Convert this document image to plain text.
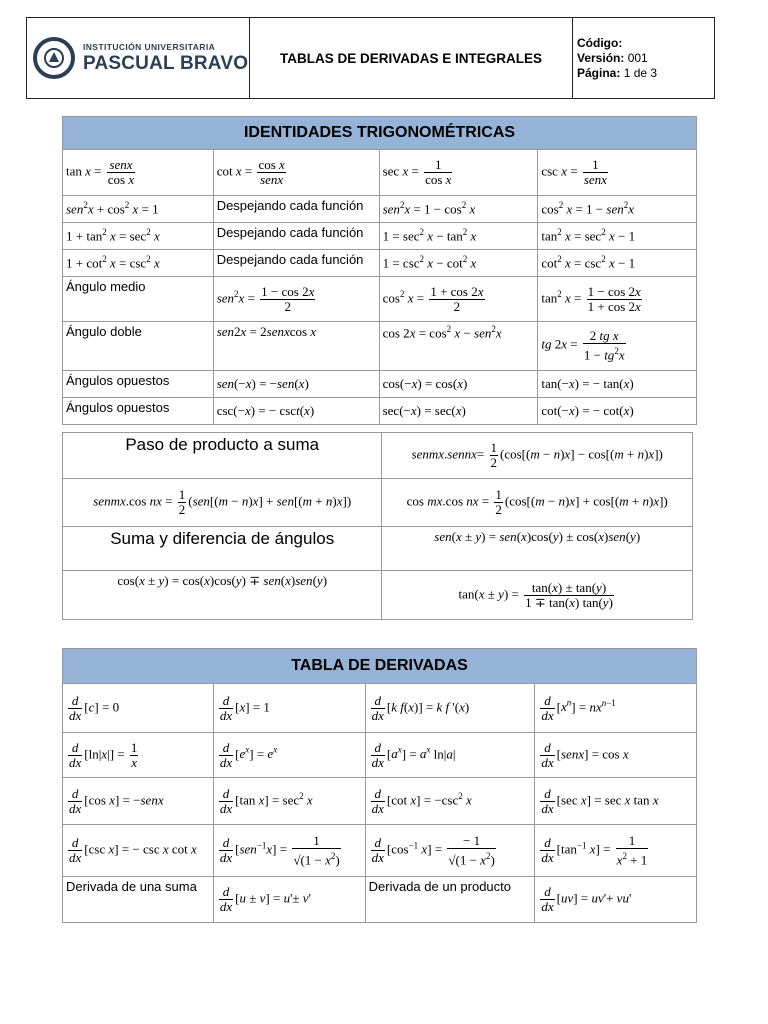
INSTITUCIÓN UNIVERSITARIA
PASCUAL BRAVO	TABLAS DE DERIVADAS E INTEGRALES
Código:
Versión: 001
Página: 1 de 3
IDENTIDADES TRIGONOMÉTRICAS			
$\tan x = \frac{\text{senx}}{\text{cos x}}$	$\cot x = \frac{\text{cos x}}{\text{senx}}$	$\sec x = \frac{1}{\text{cos x}}$	$\csc x = \frac{1}{\text{senx}}$

$sen^2x + \cos^2 x = 1$	Despejando cada función	$sen^2x = 1 - \cos^2 x$	$\cos^2 x = 1 - sen^2x$
$1 + \tan^2 x = \sec^2 x$	Despejando cada función	$1 = \sec^2 x - \tan^2 x$	$\tan^2 x = \sec^2 x - 1$
$1 + \cot^2 x = \csc^2 x$	Despejando cada función	$1 = \csc^2 x - \cot^2 x$	$\cot^2 x = \csc^2 x - 1$
Ángulo medio	$sen^2x = \frac{1 - \cos 2x}{2}$	$\cos^2 x = \frac{1 + \cos 2x}{2}$	$\tan^2 x = \frac{1 - \cos 2x}{1 + \cos 2x}$

Ángulo doble	sen2x = 2senxcos x	$\cos 2x = \cos^2 x - sen^2x$	tg $2x = \frac{\text{2 tg x}}{1 - tg^2x}$

Ángulos opuestos	sen(−x) = −sen(x)	cos(−x) = cos(x)	tan(−x) = − tan(x)
Ángulos opuestos	csc(−x) = − csct(x)	sec(−x) = sec(x)	cot(−x) = − cot(x)
Paso de producto a suma	senmx.sennx= $\frac{1}{2} (\cos[(m - n)x] - \cos[(m + n)x])$
senmx.cos nx = $\frac{1}{2} (sen[(m - n)x] + sen[(m + n)x])$	cos mx.cos nx = $\frac{1}{2} (\cos[(m - n)x] + \cos[(m + n)x])$
Suma y diferencia de ángulos	sen(x ± y) = sen(x)cos(y) ± cos(x)sen(y)
cos(x ± y) = cos(x)cos(y) ∓ sen(x)sen(y)	$\tan(x \pm y) = \frac{\tan(x) \pm \tan(y)}{1 \mp \tan(x) \tan(y)}$
TABLA DE DERIVADAS			

$\frac{d}{dx} [c] = 0$	$\frac{d}{dx} [x] = 1$	$\frac{d}{dx} [k$ f(x)] = k f '(x)	$\frac{d}{dx} [x^n] = nx^{n-1}$

$\frac{d}{dx} [\ln|x|] = \frac{1}{x}$	$\frac{d}{dx} [e^x] = e^x$	$\frac{d}{dx} [a^x] = a^x$ ln|a|	$\frac{d}{dx}$ [senx] = cos x

$\frac{d}{dx} [\cos$ x] = −senx	$\frac{d}{dx} [\tan$ $x] = \sec^2 x$	$\frac{d}{dx} [\cot$ $x] = -\csc^2$ x	$\frac{d}{dx} [\sec$ x] = sec x tan x

$\frac{d}{dx} [\csc$ x] = − csc x cot x	$\frac{d}{dx} [sen^{-1}x] = \frac{1}{√(1 - x^2)}$	$\frac{d}{dx} [\cos^{-1}$ $x] = \frac{- 1}{√(1 - x^2)}$	$\frac{d}{dx} [\tan^{-1}$ $x] = \frac{1}{x^2 + 1}$

Derivada de una suma	$\frac{d}{dx} [u \pm v] = u'\pm v'$	Derivada de un producto	$\frac{d}{dx} [uv] = uv'+ vu'$
